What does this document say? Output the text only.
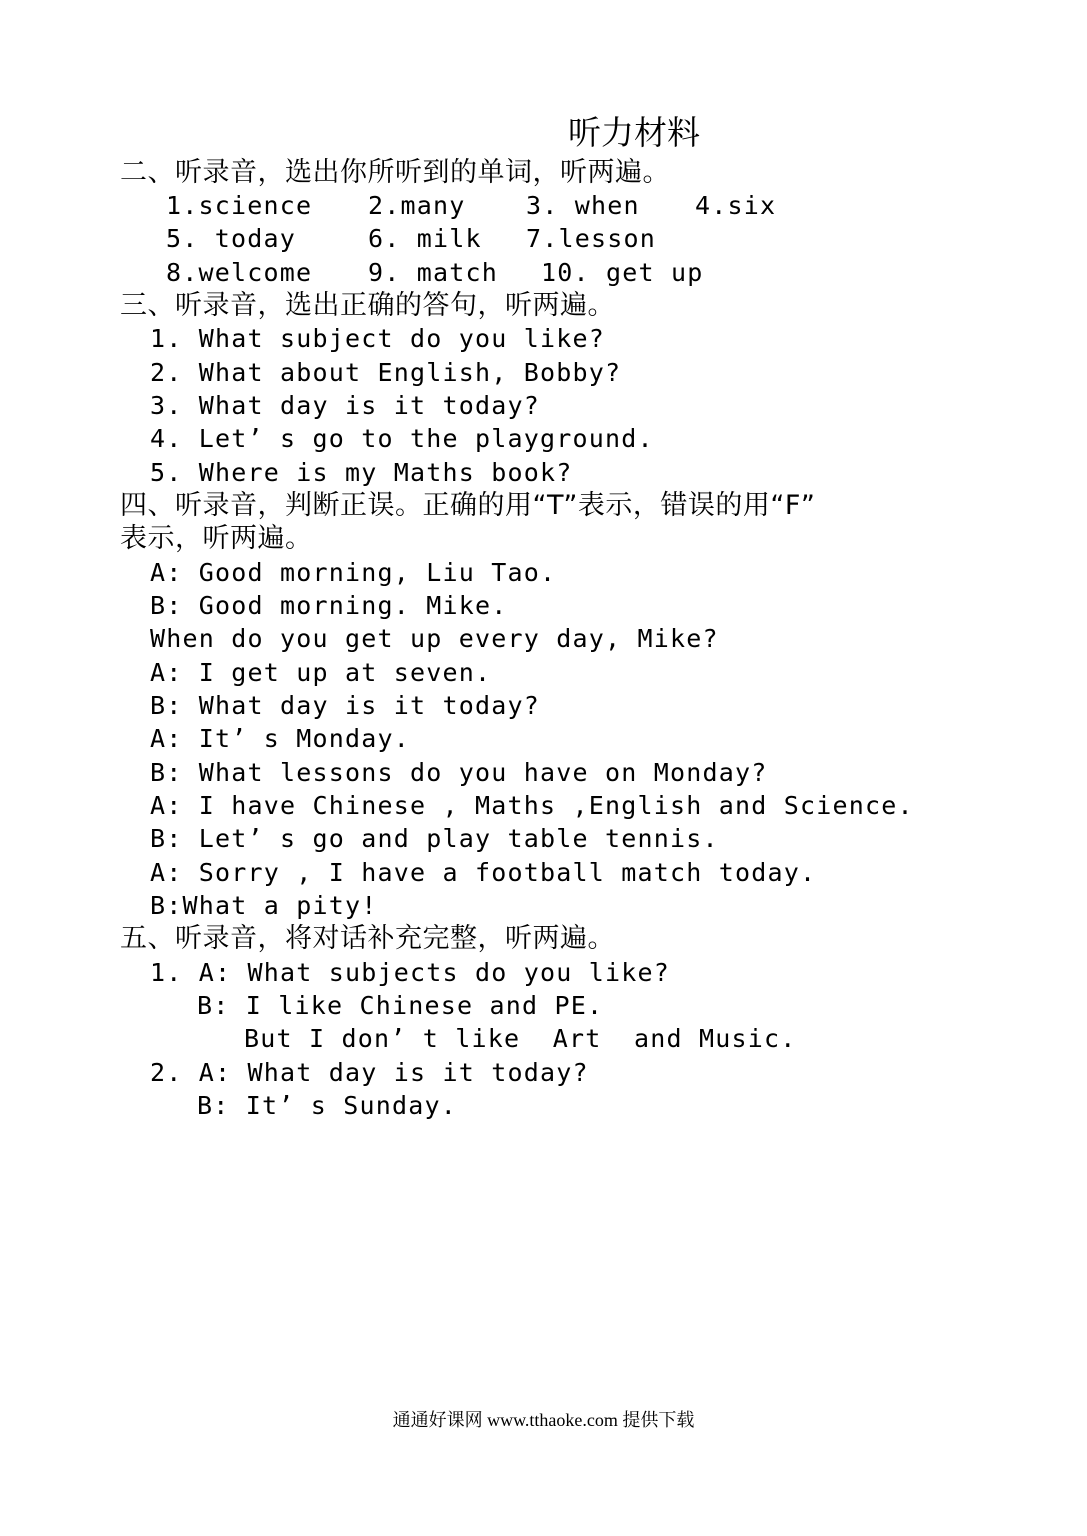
听力材料
二、听录音，选出你所听到的单词，听两遍。
1.science 2.many 3. when 4.six
5. today	6. milk 7.lesson
8.welcome 9. match 10. get up
三、听录音，选出正确的答句，听两遍。
1. What subject do you like?
2. What about English, Bobby?
3. What day is it today?
4. Let’ s go to the playground.
5. Where is my Maths book?
四、听录音，判断正误。正确的用“T”表示，错误的用“F”
表示，听两遍。
A: Good morning, Liu Tao.
B: Good morning. Mike.
When do you get up every day, Mike?
A: I get up at seven.
B: What day is it today?
A: It’ s Monday.
B: What lessons do you have on Monday?
A: I have Chinese , Maths ,English and Science.
B: Let’ s go and play table tennis.
A: Sorry , I have a football match today.
B:What a pity!
五、听录音，将对话补充完整，听两遍。
1. A: What subjects do you like?
B: I like Chinese and PE.
But I don’ t like  Art  and Music.
2. A: What day is it today?
B: It’ s Sunday.
通通好课网 www.tthaoke.com 提供下载
